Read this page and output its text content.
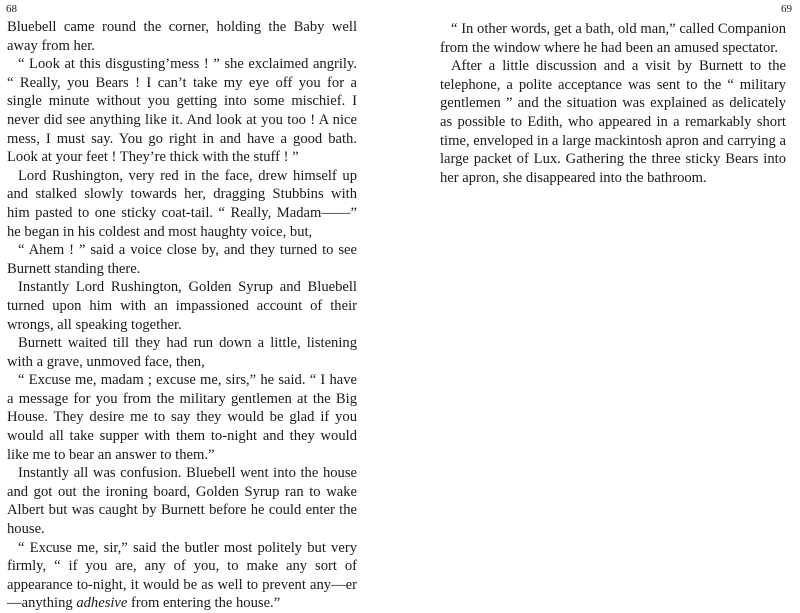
68

Bluebell came round the corner, holding the Baby well away from her.

“ Look at this disgusting’mess ! ” she exclaimed angrily. “ Really, you Bears ! I can’t take my eye off you for a single minute without you getting into some mischief. I never did see anything like it. And look at you too ! A nice mess, I must say. You go right in and have a good bath. Look at your feet ! They’re thick with the stuff ! ”

Lord Rushington, very red in the face, drew himself up and stalked slowly towards her, dragging Stubbins with him pasted to one sticky coat-tail. “ Really, Madam——” he began in his coldest and most haughty voice, but,

“ Ahem ! ” said a voice close by, and they turned to see Burnett standing there.

Instantly Lord Rushington, Golden Syrup and Bluebell turned upon him with an impassioned account of their wrongs, all speaking together.

Burnett waited till they had run down a little, listening with a grave, unmoved face, then,

“ Excuse me, madam ; excuse me, sirs,” he said. “ I have a message for you from the military gentlemen at the Big House. They desire me to say they would be glad if you would all take supper with them to-night and they would like me to bear an answer to them.”

Instantly all was confusion. Bluebell went into the house and got out the ironing board, Golden Syrup ran to wake Albert but was caught by Burnett before he could enter the house.

“ Excuse me, sir,” said the butler most politely but very firmly, “ if you are, any of you, to make any sort of appearance to-night, it would be as well to prevent any—er—anything adhesive from entering the house.”

69

“ In other words, get a bath, old man,” called Companion from the window where he had been an amused spectator.

After a little discussion and a visit by Burnett to the telephone, a polite acceptance was sent to the “ military gentlemen ” and the situation was explained as delicately as possible to Edith, who appeared in a remarkably short time, enveloped in a large mackintosh apron and carrying a large packet of Lux. Gathering the three sticky Bears into her apron, she disappeared into the bathroom.
